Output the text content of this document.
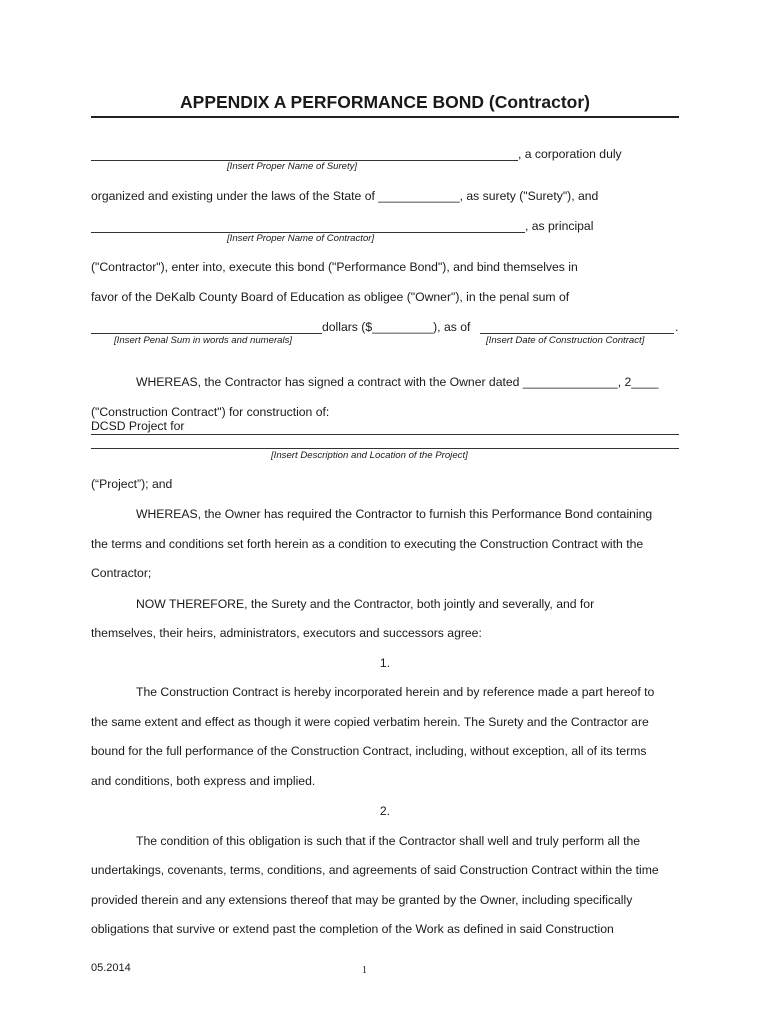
APPENDIX A PERFORMANCE BOND (Contractor)
, a corporation duly
[Insert Proper Name of Surety]
organized and existing under the laws of the State of ____________, as surety ("Surety"), and
, as principal
[Insert Proper Name of Contractor]
("Contractor"), enter into, execute this bond ("Performance Bond"), and bind themselves in
favor of the DeKalb County Board of Education as obligee ("Owner"), in the penal sum of
dollars ($_________), as of	.
[Insert Penal Sum in words and numerals]	[Insert Date of Construction Contract]
WHEREAS, the Contractor has signed a contract with the Owner dated ______________, 2____
("Construction Contract") for construction of:
DCSD Project for
[Insert Description and Location of the Project]
(“Project”); and
WHEREAS, the Owner has required the Contractor to furnish this Performance Bond containing
the terms and conditions set forth herein as a condition to executing the Construction Contract with the
Contractor;
NOW THEREFORE, the Surety and the Contractor, both jointly and severally, and for
themselves, their heirs, administrators, executors and successors agree:
1.
The Construction Contract is hereby incorporated herein and by reference made a part hereof to
the same extent and effect as though it were copied verbatim herein. The Surety and the Contractor are
bound for the full performance of the Construction Contract, including, without exception, all of its terms
and conditions, both express and implied.
2.
The condition of this obligation is such that if the Contractor shall well and truly perform all the
undertakings, covenants, terms, conditions, and agreements of said Construction Contract within the time
provided therein and any extensions thereof that may be granted by the Owner, including specifically
obligations that survive or extend past the completion of the Work as defined in said Construction
05.2014	1
